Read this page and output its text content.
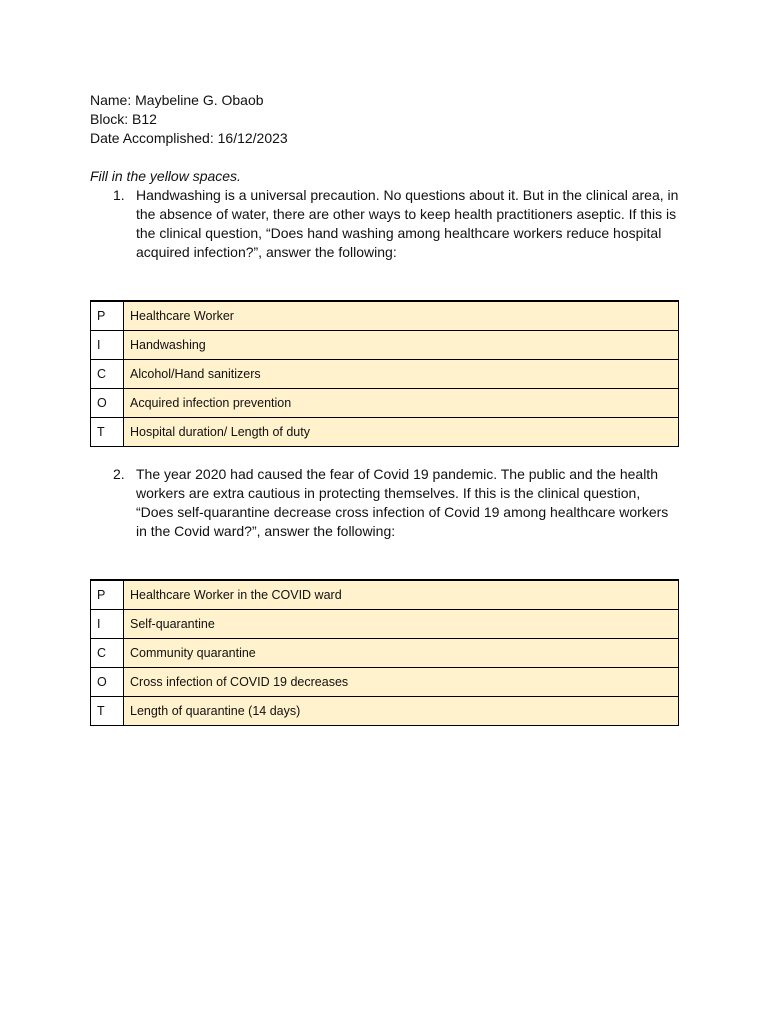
Name: Maybeline G. Obaob
Block: B12
Date Accomplished: 16/12/2023
Fill in the yellow spaces.
1. Handwashing is a universal precaution. No questions about it. But in the clinical area, in the absence of water, there are other ways to keep health practitioners aseptic. If this is the clinical question, “Does hand washing among healthcare workers reduce hospital acquired infection?”, answer the following:
P	Healthcare Worker
I	Handwashing
C	Alcohol/Hand sanitizers
O	Acquired infection prevention
T	Hospital duration/ Length of duty
2. The year 2020 had caused the fear of Covid 19 pandemic. The public and the health workers are extra cautious in protecting themselves. If this is the clinical question, “Does self-quarantine decrease cross infection of Covid 19 among healthcare workers in the Covid ward?”, answer the following:
P	Healthcare Worker in the COVID ward
I	Self-quarantine
C	Community quarantine
O	Cross infection of COVID 19 decreases
T	Length of quarantine (14 days)
